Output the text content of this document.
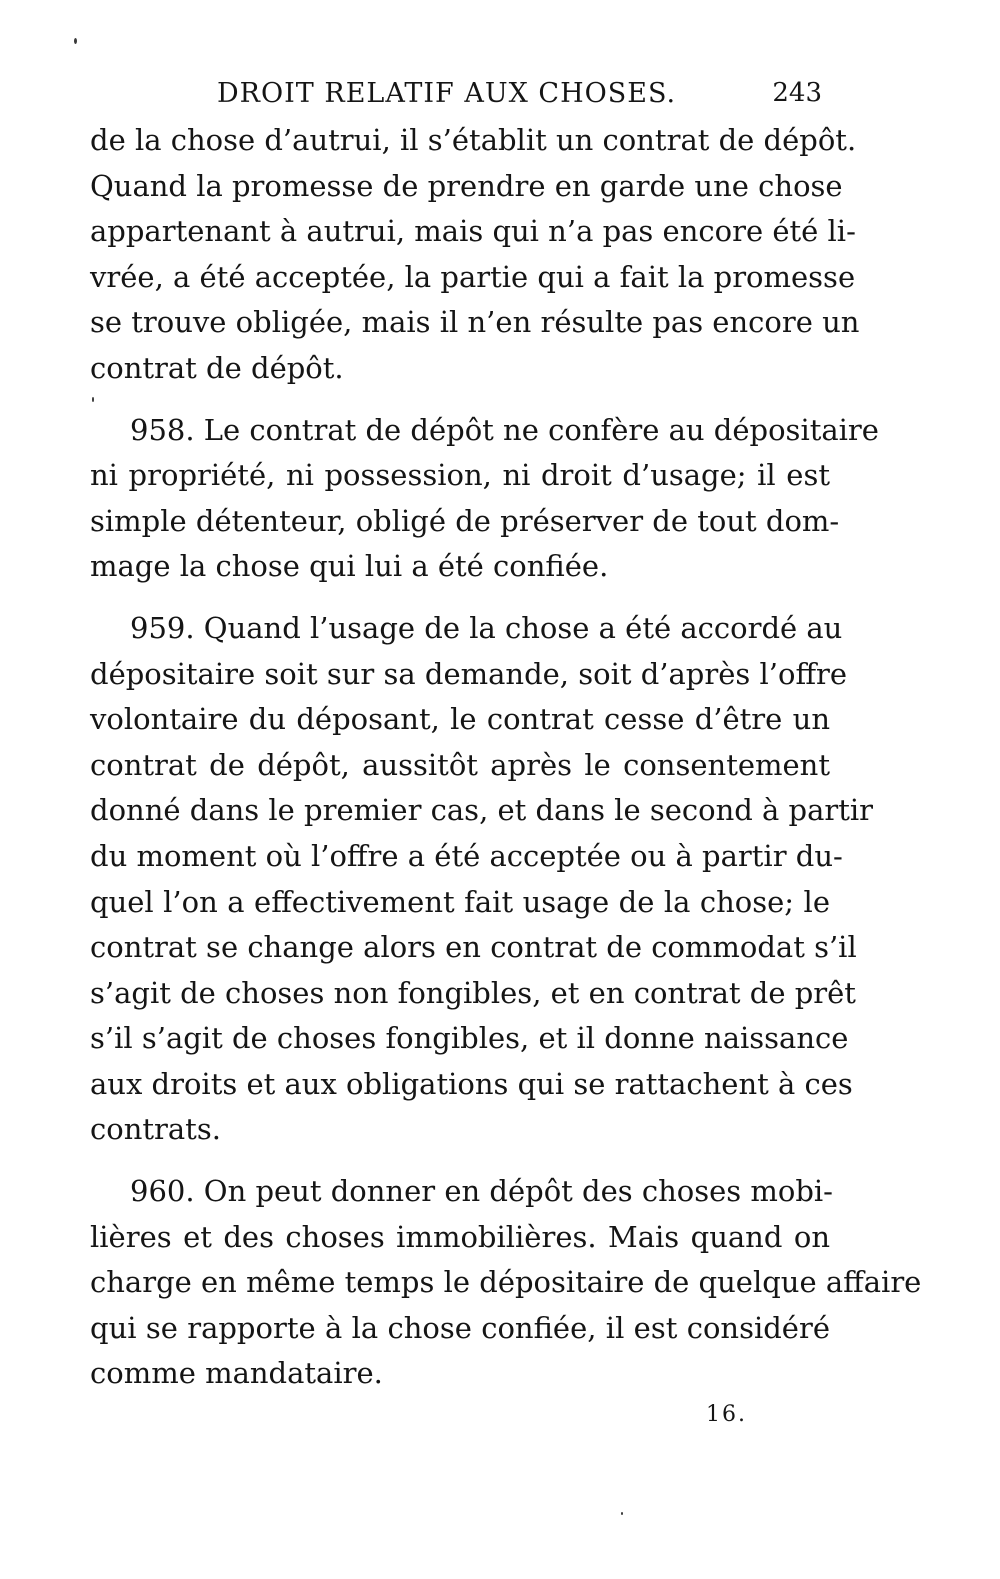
DROIT RELATIF AUX CHOSES.	243
de la chose d’autrui, il s’établit un contrat de dépôt.
Quand la promesse de prendre en garde une chose
appartenant à autrui, mais qui n’a pas encore été li-
vrée, a été acceptée, la partie qui a fait la promesse
se trouve obligée, mais il n’en résulte pas encore un
contrat de dépôt.
958. Le contrat de dépôt ne confère au dépositaire
ni propriété, ni possession, ni droit d’usage; il est
simple détenteur, obligé de préserver de tout dom-
mage la chose qui lui a été confiée.
959. Quand l’usage de la chose a été accordé au
dépositaire soit sur sa demande, soit d’après l’offre
volontaire du déposant, le contrat cesse d’être un
contrat de dépôt, aussitôt après le consentement
donné dans le premier cas, et dans le second à partir
du moment où l’offre a été acceptée ou à partir du-
quel l’on a effectivement fait usage de la chose; le
contrat se change alors en contrat de commodat s’il
s’agit de choses non fongibles, et en contrat de prêt
s’il s’agit de choses fongibles, et il donne naissance
aux droits et aux obligations qui se rattachent à ces
contrats.
960. On peut donner en dépôt des choses mobi-
lières et des choses immobilières. Mais quand on
charge en même temps le dépositaire de quelque affaire
qui se rapporte à la chose confiée, il est considéré
comme mandataire.
16.
